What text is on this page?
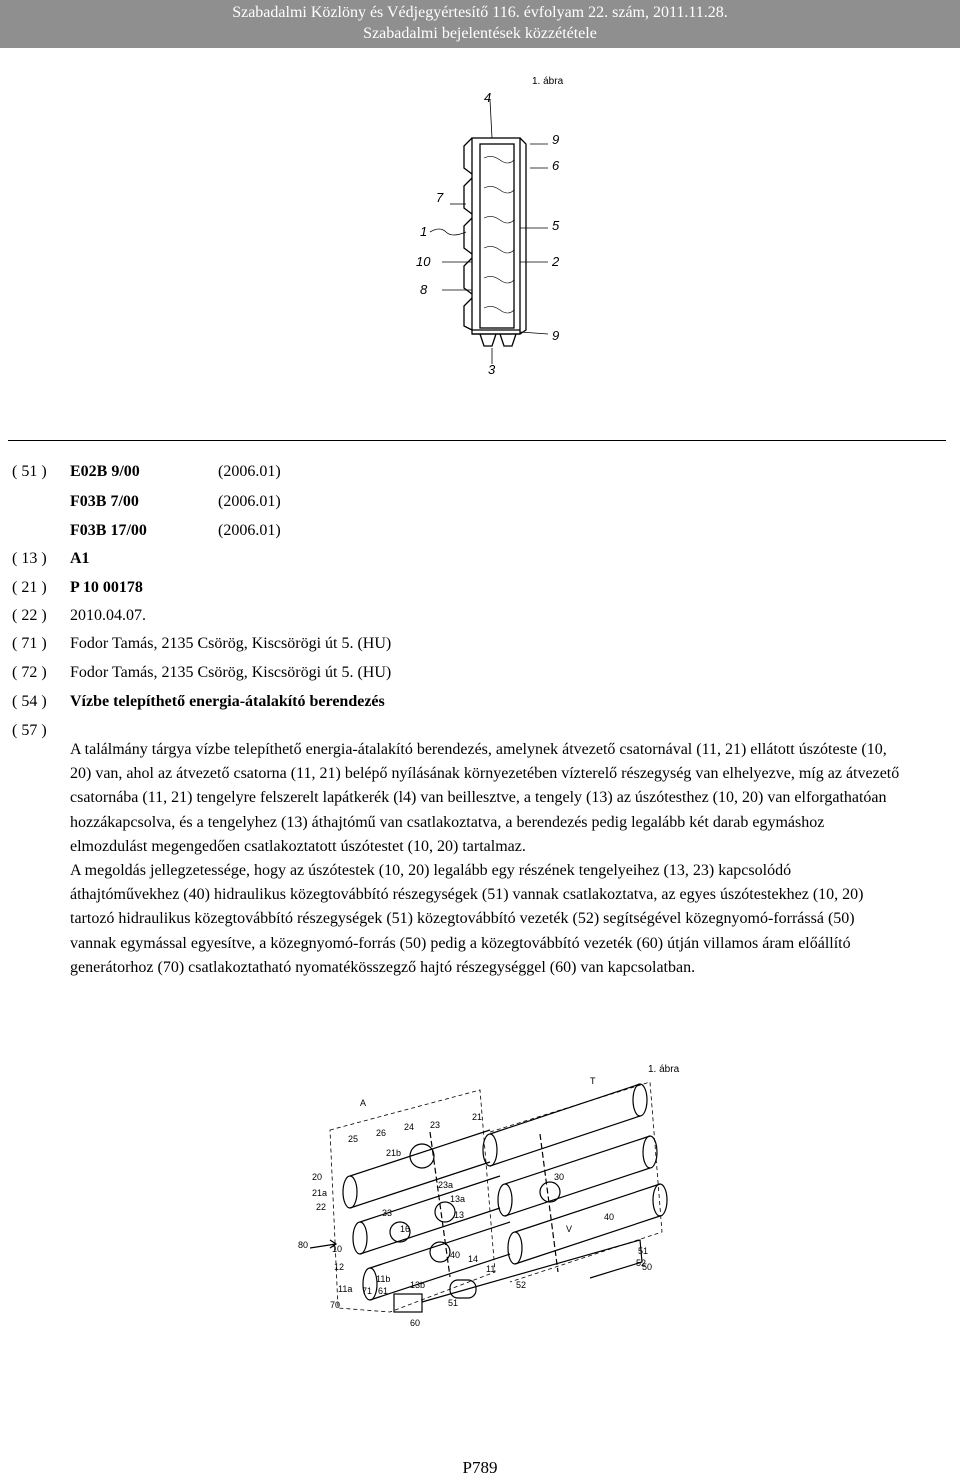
Szabadalmi Közlöny és Védjegyértesítő 116. évfolyam 22. szám, 2011.11.28.
Szabadalmi bejelentések közzététele
1. ábra
4
9
6
7
1	5
10	2
8
9
3
( 51 ) E02B 9/00	(2006.01)
F03B 7/00	(2006.01)
F03B 17/00	(2006.01)
( 13 ) A1
( 21 ) P 10 00178
( 22 ) 2010.04.07.
( 71 ) Fodor Tamás, 2135 Csörög, Kiscsörögi út 5. (HU)
( 72 ) Fodor Tamás, 2135 Csörög, Kiscsörögi út 5. (HU)
( 54 ) Vízbe telepíthető energia-átalakító berendezés
( 57 )

A találmány tárgya vízbe telepíthető energia-átalakító berendezés, amelynek átvezető csatornával (11, 21) ellátott úszóteste (10, 20) van, ahol az átvezető csatorna (11, 21) belépő nyílásának környezetében vízterelő részegység van elhelyezve, míg az átvezető csatornába (11, 21) tengelyre felszerelt lapátkerék (l4) van beillesztve, a tengely (13) az úszótesthez (10, 20) van elforgathatóan hozzákapcsolva, és a tengelyhez (13) áthajtómű van csatlakoztatva, a berendezés pedig legalább két darab egymáshoz elmozdulást megengedően csatlakoztatott úszótestet (10, 20) tartalmaz.

A megoldás jellegzetessége, hogy az úszótestek (10, 20) legalább egy részének tengelyeihez (13, 23) kapcsolódó áthajtóművekhez (40) hidraulikus közegtovábbító részegységek (51) vannak csatlakoztatva, az egyes úszótestekhez (10, 20) tartozó hidraulikus közegtovábbító részegységek (51) közegtovábbító vezeték (52) segítségével közegnyomó-forrássá (50) vannak egymással egyesítve, a közegnyomó-forrás (50) pedig a közegtovábbító vezeték (60) útján villamos áram előállító generátorhoz (70) csatlakoztatható nyomatékösszegző hajtó részegységgel (60) van kapcsolatban.

1. ábra
T
A
21
23
24
26
25
21b
20
21a
22
23a
30
13a
33
16
13
40
80	10
14
11
12
11b
11a 71 61
13b
51
52
70
60
V
40
51
52
50
P789
